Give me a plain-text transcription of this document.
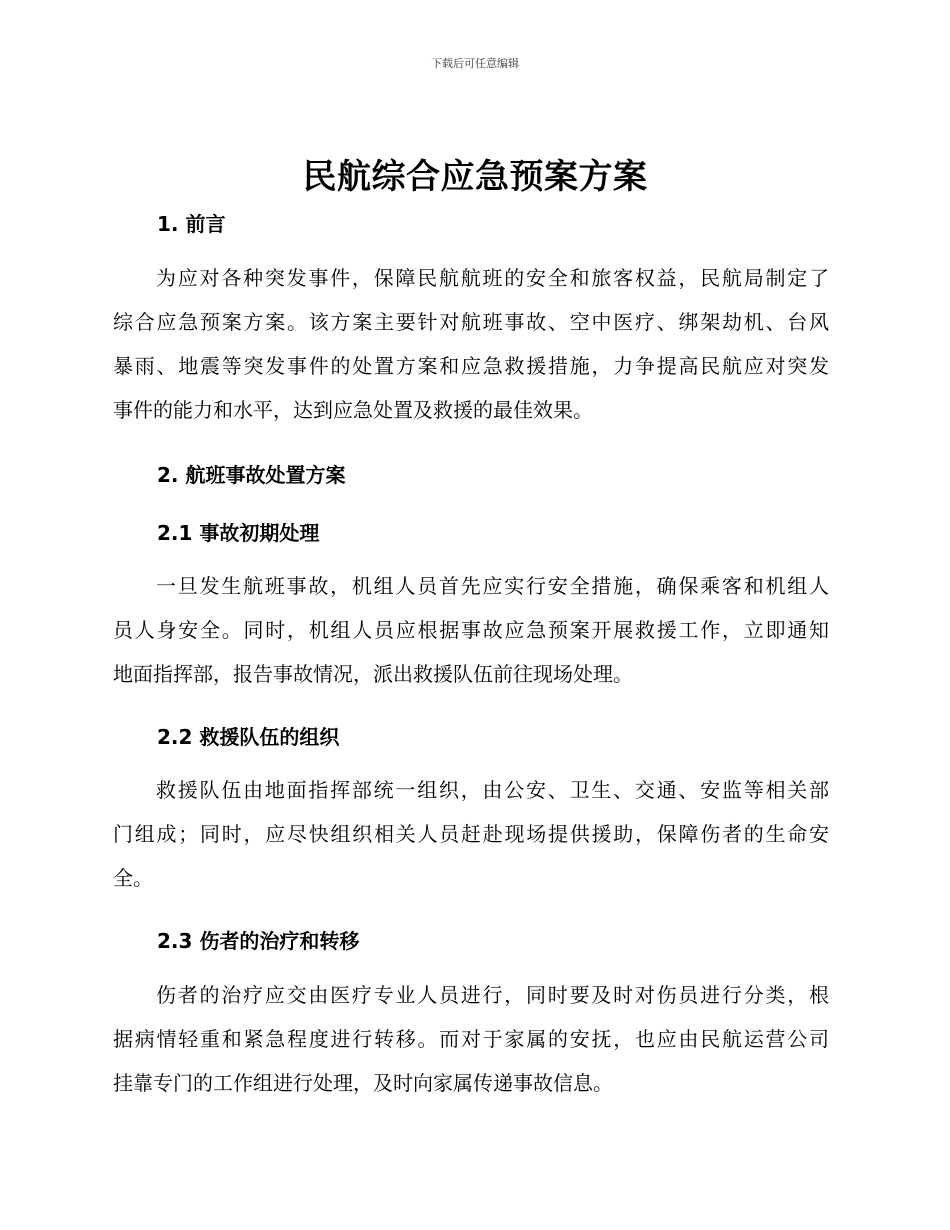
下载后可任意编辑
民航综合应急预案方案
1. 前言
为应对各种突发事件，保障民航航班的安全和旅客权益，民航局制定了
综合应急预案方案。该方案主要针对航班事故、空中医疗、绑架劫机、台风
暴雨、地震等突发事件的处置方案和应急救援措施，力争提高民航应对突发
事件的能力和水平，达到应急处置及救援的最佳效果。
2. 航班事故处置方案
2.1 事故初期处理
一旦发生航班事故，机组人员首先应实行安全措施，确保乘客和机组人
员人身安全。同时，机组人员应根据事故应急预案开展救援工作，立即通知
地面指挥部，报告事故情况，派出救援队伍前往现场处理。
2.2 救援队伍的组织
救援队伍由地面指挥部统一组织，由公安、卫生、交通、安监等相关部
门组成；同时，应尽快组织相关人员赶赴现场提供援助，保障伤者的生命安
全。
2.3 伤者的治疗和转移
伤者的治疗应交由医疗专业人员进行，同时要及时对伤员进行分类，根
据病情轻重和紧急程度进行转移。而对于家属的安抚，也应由民航运营公司
挂靠专门的工作组进行处理，及时向家属传递事故信息。
